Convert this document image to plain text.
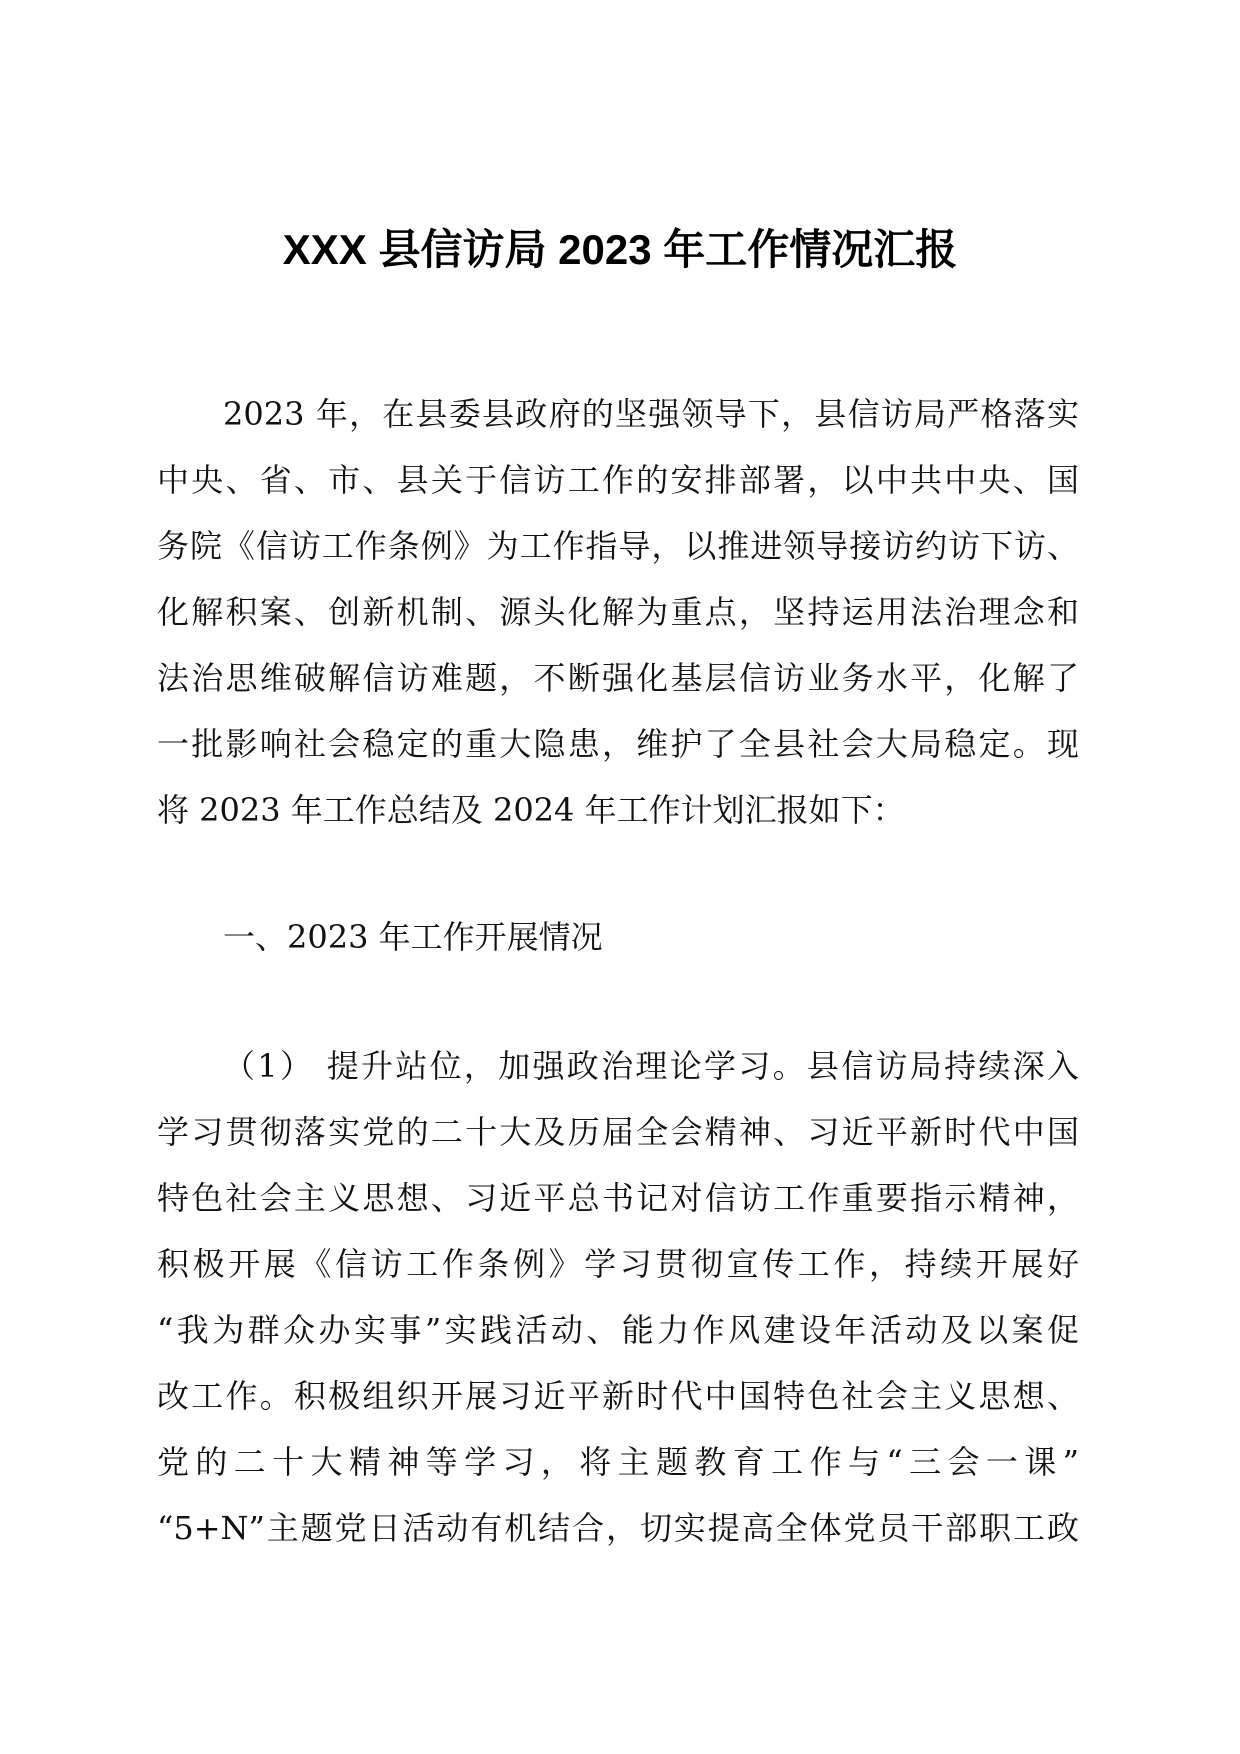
XXX 县信访局 2023 年工作情况汇报
2023 年，在县委县政府的坚强领导下，县信访局严格落实
中央、省、市、县关于信访工作的安排部署，以中共中央、国
务院《信访工作条例》为工作指导，以推进领导接访约访下访、
化解积案、创新机制、源头化解为重点，坚持运用法治理念和
法治思维破解信访难题，不断强化基层信访业务水平，化解了
一批影响社会稳定的重大隐患，维护了全县社会大局稳定。现
将 2023 年工作总结及 2024 年工作计划汇报如下：
一、2023 年工作开展情况
（1） 提升站位，加强政治理论学习。县信访局持续深入
学习贯彻落实党的二十大及历届全会精神、习近平新时代中国
特色社会主义思想、习近平总书记对信访工作重要指示精神，
积极开展《信访工作条例》学习贯彻宣传工作，持续开展好
“我为群众办实事”实践活动、能力作风建设年活动及以案促
改工作。积极组织开展习近平新时代中国特色社会主义思想、
党的二十大精神等学习，将主题教育工作与“三会一课”
“5+N”主题党日活动有机结合，切实提高全体党员干部职工政
